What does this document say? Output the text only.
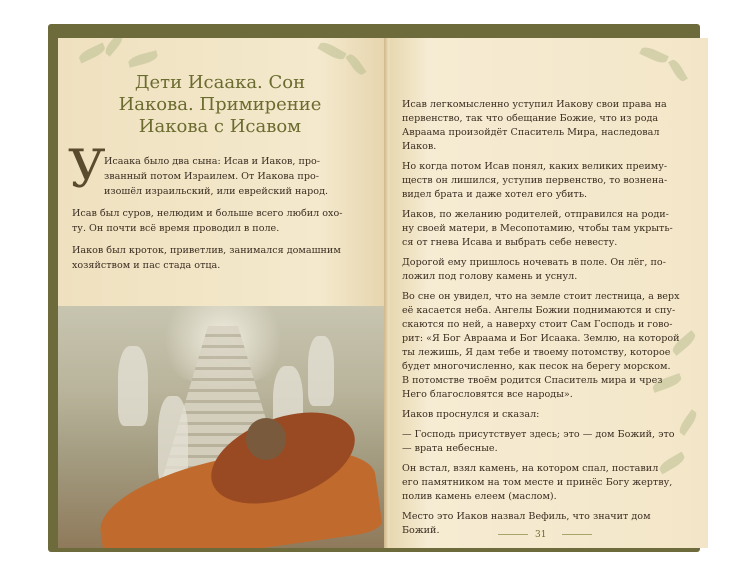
Дети Исаака. Сон
Иакова. Примирение
Иакова с Исавом
У
Исаака было два сына: Исав и Иаков, про-
званный потом Израилем. От Иакова про-
изошёл израильский, или еврейский народ.
Исав был суров, нелюдим и больше всего любил охо-
ту. Он почти всё время проводил в поле.
Иаков был кроток, приветлив, занимался домашним
хозяйством и пас стада отца.
Исав легкомысленно уступил Иакову свои права на
первенство, так что обещание Божие, что из рода
Авраама произойдёт Спаситель Мира, наследовал
Иаков.
Но когда потом Исав понял, каких великих преиму-
ществ он лишился, уступив первенство, то вознена-
видел брата и даже хотел его убить.
Иаков, по желанию родителей, отправился на роди-
ну своей матери, в Месопотамию, чтобы там укрыть-
ся от гнева Исава и выбрать себе невесту.
Дорогой ему пришлось ночевать в поле. Он лёг, по-
ложил под голову камень и уснул.
Во сне он увидел, что на земле стоит лестница, а верх
её касается неба. Ангелы Божии поднимаются и спу-
скаются по ней, а наверху стоит Сам Господь и гово-
рит: «Я Бог Авраама и Бог Исаака. Землю, на которой
ты лежишь, Я дам тебе и твоему потомству, которое
будет многочисленно, как песок на берегу морском.
В потомстве твоём родится Спаситель мира и чрез
Него благословятся все народы».
Иаков проснулся и сказал:
— Господь присутствует здесь; это — дом Божий, это
— врата небесные.
Он встал, взял камень, на котором спал, поставил
его памятником на том месте и принёс Богу жертву,
полив камень елеем (маслом).
Место это Иаков назвал Вефиль, что значит дом Божий.	31
